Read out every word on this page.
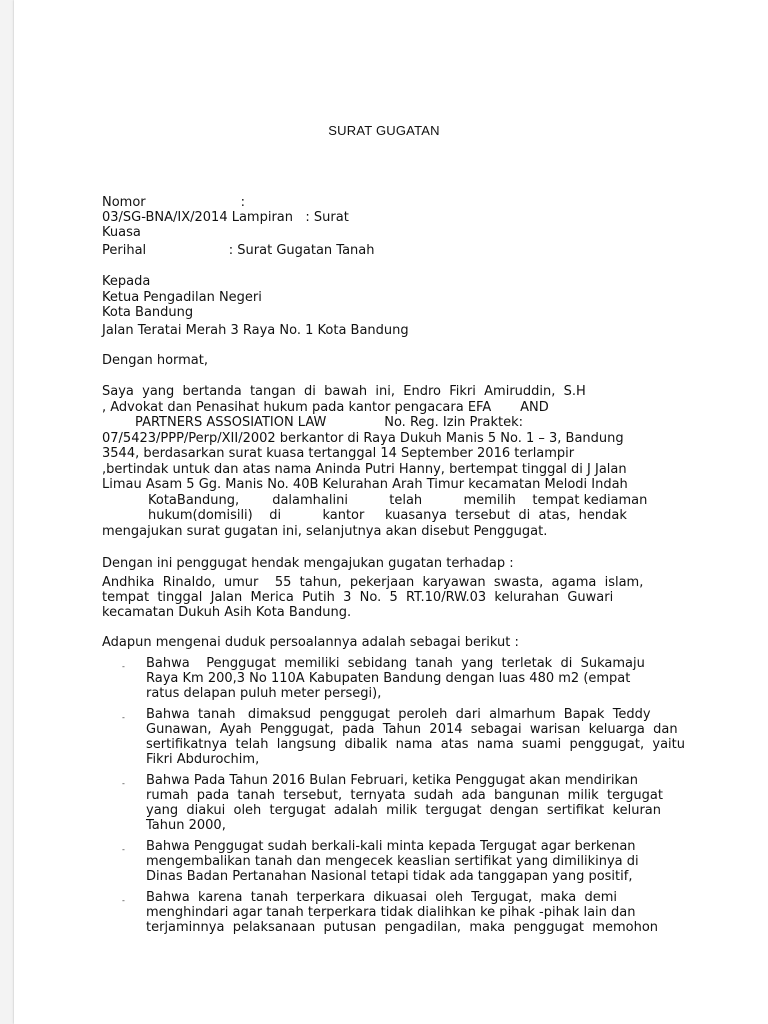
SURAT GUGATAN
Nomor                       :
03/SG-BNA/IX/2014 Lampiran   : Surat
Kuasa
Perihal                    : Surat Gugatan Tanah
Kepada
Ketua Pengadilan Negeri
Kota Bandung
Jalan Teratai Merah 3 Raya No. 1 Kota Bandung
Dengan hormat,
Saya  yang  bertanda  tangan  di  bawah  ini,  Endro  Fikri  Amiruddin,  S.H
, Advokat dan Penasihat hukum pada kantor pengacara EFA       AND
PARTNERS ASSOSIATION LAW              No. Reg. Izin Praktek:
07/5423/PPP/Perp/XII/2002 berkantor di Raya Dukuh Manis 5 No. 1 – 3, Bandung
3544, berdasarkan surat kuasa tertanggal 14 September 2016 terlampir
,bertindak untuk dan atas nama Aninda Putri Hanny, bertempat tinggal di J Jalan
Limau Asam 5 Gg. Manis No. 40B Kelurahan Arah Timur kecamatan Melodi Indah
KotaBandung,        dalamhalini          telah          memilih    tempat kediaman
hukum(domisili)    di          kantor     kuasanya  tersebut  di  atas,  hendak
mengajukan surat gugatan ini, selanjutnya akan disebut Penggugat.
Dengan ini penggugat hendak mengajukan gugatan terhadap :
Andhika  Rinaldo,  umur    55  tahun,  pekerjaan  karyawan  swasta,  agama  islam,
tempat  tinggal  Jalan  Merica  Putih  3  No.  5  RT.10/RW.03  kelurahan  Guwari
kecamatan Dukuh Asih Kota Bandung.
Adapun mengenai duduk persoalannya adalah sebagai berikut :
- Bahwa    Penggugat  memiliki  sebidang  tanah  yang  terletak  di  Sukamaju
Raya Km 200,3 No 110A Kabupaten Bandung dengan luas 480 m2 (empat
ratus delapan puluh meter persegi),
- Bahwa  tanah   dimaksud  penggugat  peroleh  dari  almarhum  Bapak  Teddy
Gunawan,  Ayah  Penggugat,  pada  Tahun  2014  sebagai  warisan  keluarga  dan
sertifikatnya  telah  langsung  dibalik  nama  atas  nama  suami  penggugat,  yaitu
Fikri Abdurochim,
- Bahwa Pada Tahun 2016 Bulan Februari, ketika Penggugat akan mendirikan
rumah  pada  tanah  tersebut,  ternyata  sudah  ada  bangunan  milik  tergugat
yang  diakui  oleh  tergugat  adalah  milik  tergugat  dengan  sertifikat  keluran
Tahun 2000,
- Bahwa Penggugat sudah berkali-kali minta kepada Tergugat agar berkenan
mengembalikan tanah dan mengecek keaslian sertifikat yang dimilikinya di
Dinas Badan Pertanahan Nasional tetapi tidak ada tanggapan yang positif,
- Bahwa  karena  tanah  terperkara  dikuasai  oleh  Tergugat,  maka  demi
menghindari agar tanah terperkara tidak dialihkan ke pihak -pihak lain dan
terjaminnya  pelaksanaan  putusan  pengadilan,  maka  penggugat  memohon
